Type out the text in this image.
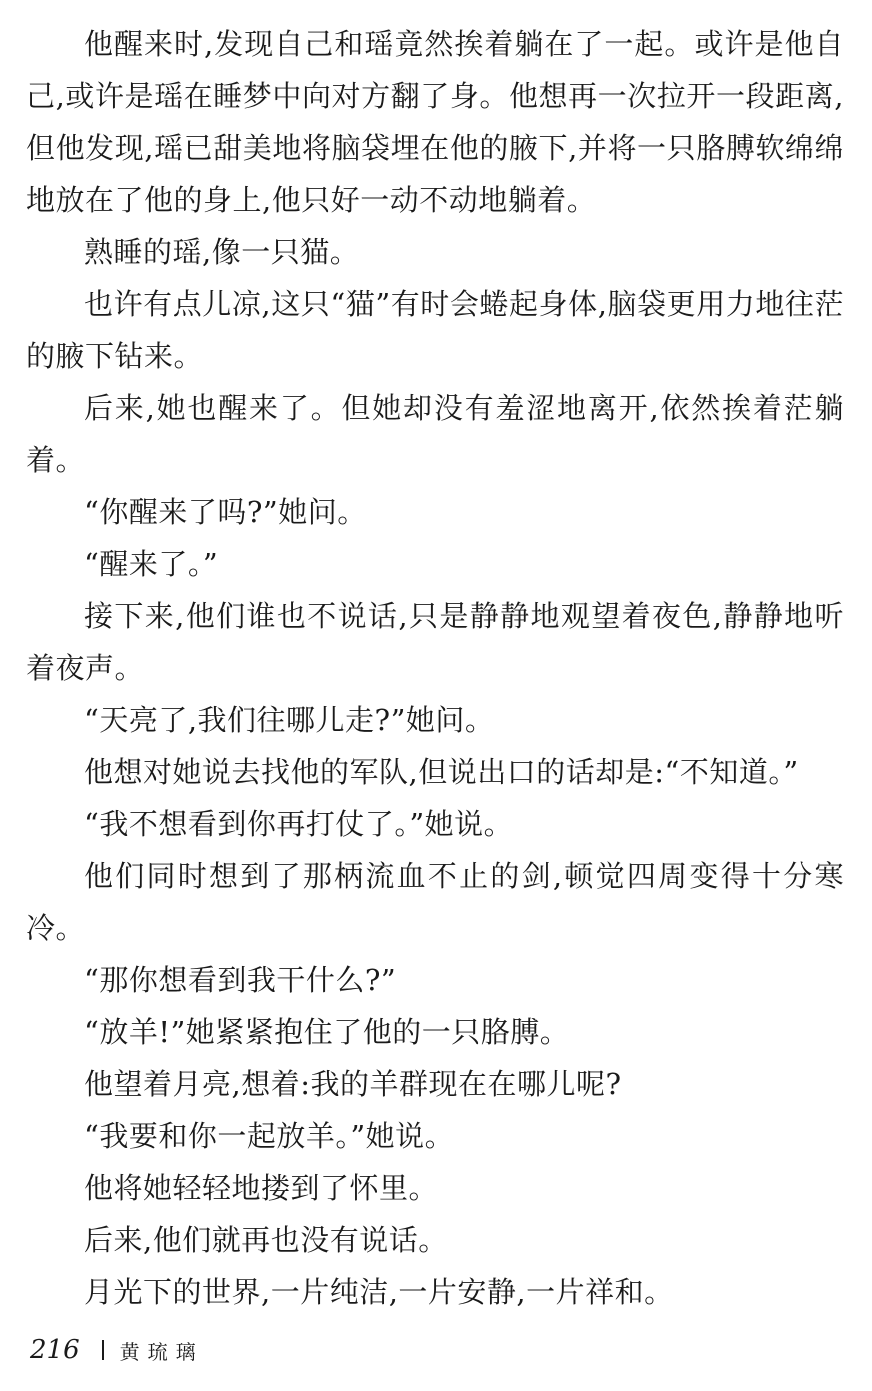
他醒来时,发现自己和瑶竟然挨着躺在了一起。或许是他自己,或许是瑶在睡梦中向对方翻了身。他想再一次拉开一段距离,但他发现,瑶已甜美地将脑袋埋在他的腋下,并将一只胳膊软绵绵地放在了他的身上,他只好一动不动地躺着。

熟睡的瑶,像一只猫。

也许有点儿凉,这只“猫”有时会蜷起身体,脑袋更用力地往茫的腋下钻来。

后来,她也醒来了。但她却没有羞涩地离开,依然挨着茫躺着。

“你醒来了吗?”她问。

“醒来了。”

接下来,他们谁也不说话,只是静静地观望着夜色,静静地听着夜声。

“天亮了,我们往哪儿走?”她问。

他想对她说去找他的军队,但说出口的话却是:“不知道。”

“我不想看到你再打仗了。”她说。

他们同时想到了那柄流血不止的剑,顿觉四周变得十分寒冷。

“那你想看到我干什么?”

“放羊!”她紧紧抱住了他的一只胳膊。

他望着月亮,想着:我的羊群现在在哪儿呢?

“我要和你一起放羊。”她说。

他将她轻轻地搂到了怀里。

后来,他们就再也没有说话。

月光下的世界,一片纯洁,一片安静,一片祥和。

216 黄琉璃
